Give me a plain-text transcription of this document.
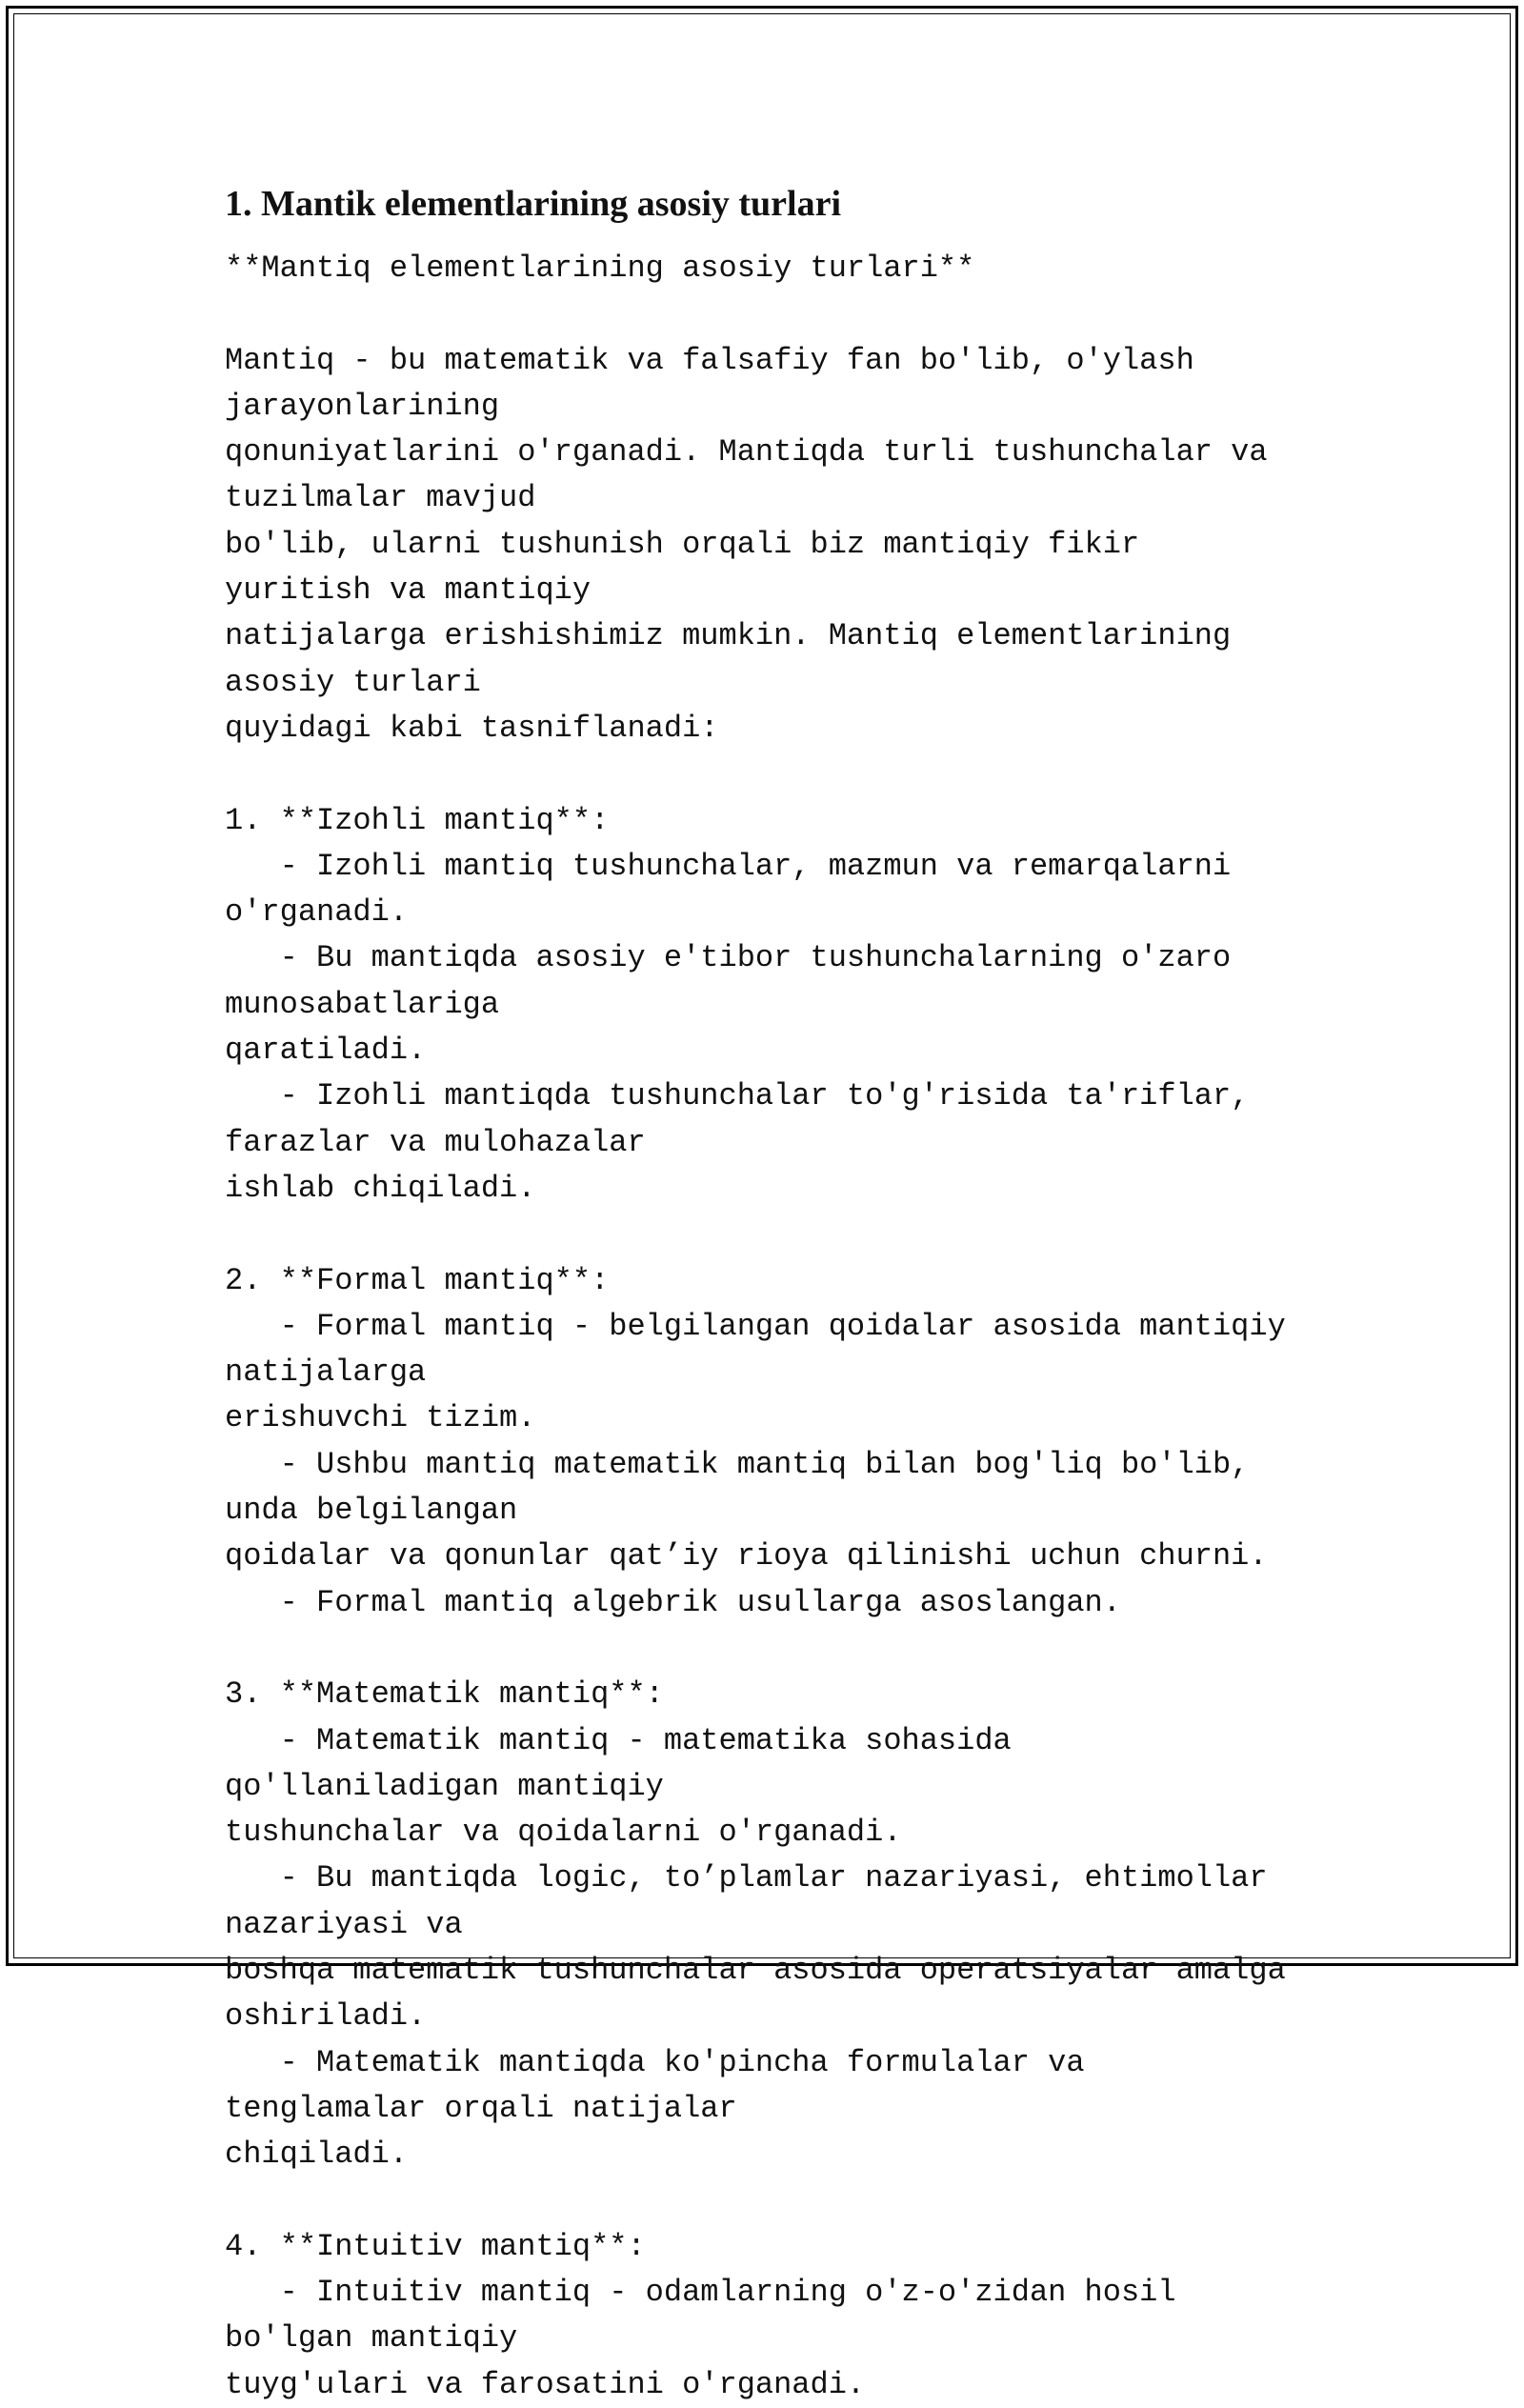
1. Mantik elementlarining asosiy turlari
**Mantiq elementlarining asosiy turlari**

Mantiq - bu matematik va falsafiy fan bo'lib, o'ylash jarayonlarining
qonuniyatlarini o'rganadi. Mantiqda turli tushunchalar va tuzilmalar mavjud
bo'lib, ularni tushunish orqali biz mantiqiy fikir yuritish va mantiqiy
natijalarga erishishimiz mumkin. Mantiq elementlarining asosiy turlari
quyidagi kabi tasniflanadi:

1. **Izohli mantiq**:
- Izohli mantiq tushunchalar, mazmun va remarqalarni o'rganadi.
- Bu mantiqda asosiy e'tibor tushunchalarning o'zaro munosabatlariga
qaratiladi.
- Izohli mantiqda tushunchalar to'g'risida ta'riflar, farazlar va mulohazalar
ishlab chiqiladi.

2. **Formal mantiq**:
- Formal mantiq - belgilangan qoidalar asosida mantiqiy natijalarga
erishuvchi tizim.
- Ushbu mantiq matematik mantiq bilan bog'liq bo'lib, unda belgilangan
qoidalar va qonunlar qat’iy rioya qilinishi uchun churni.
- Formal mantiq algebrik usullarga asoslangan.

3. **Matematik mantiq**:
- Matematik mantiq - matematika sohasida qo'llaniladigan mantiqiy
tushunchalar va qoidalarni o'rganadi.
- Bu mantiqda logic, to’plamlar nazariyasi, ehtimollar nazariyasi va
boshqa matematik tushunchalar asosida operatsiyalar amalga oshiriladi.
- Matematik mantiqda ko'pincha formulalar va tenglamalar orqali natijalar
chiqiladi.

4. **Intuitiv mantiq**:
- Intuitiv mantiq - odamlarning o'z-o'zidan hosil bo'lgan mantiqiy
tuyg'ulari va farosatini o'rganadi.
